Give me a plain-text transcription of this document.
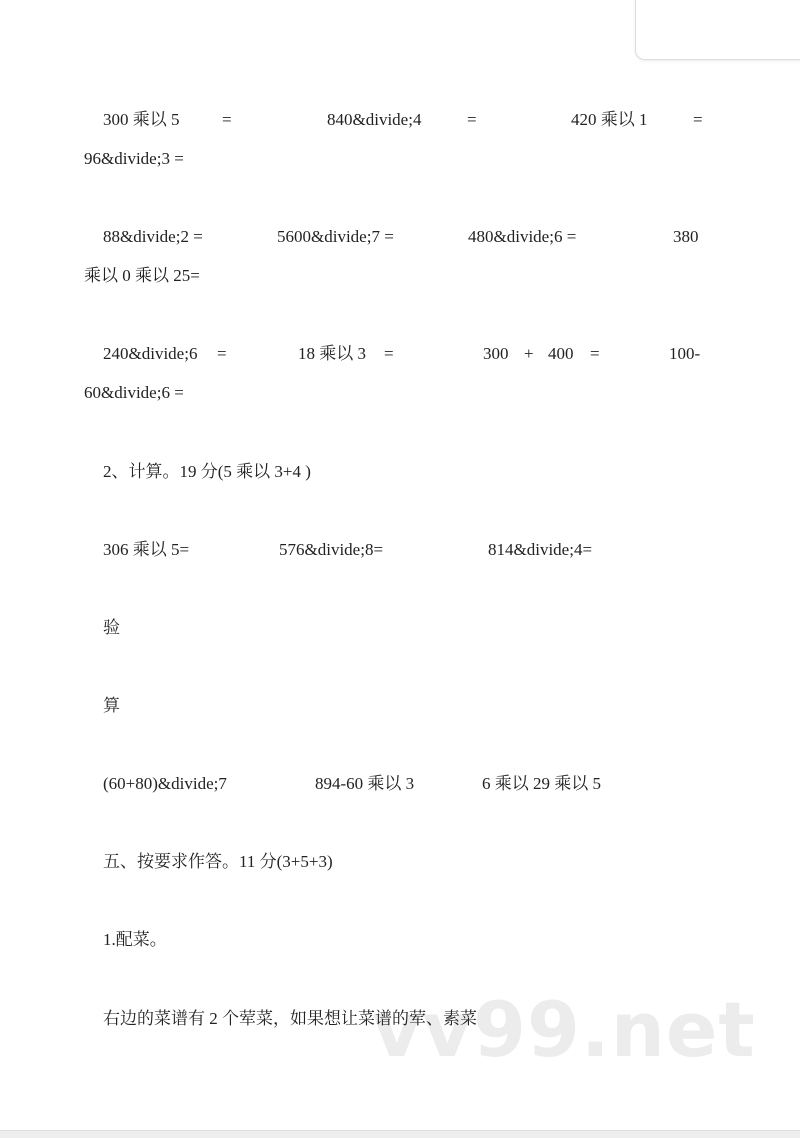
300 乘以 5	=	840&divide;4	=	420 乘以 1	=
96&divide;3 =
88&divide;2 =	5600&divide;7 =	480&divide;6 =	380
乘以 0 乘以 25=
240&divide;6 =	18 乘以 3 =	300 + 400 =	100-
60&divide;6 =
2、计算。19 分(5 乘以 3+4 )
306 乘以 5=	576&divide;8=	814&divide;4=
验
算
(60+80)&divide;7	894-60 乘以 3	6 乘以 29 乘以 5
五、按要求作答。11 分(3+5+3)
1.配菜。
vv99.net
右边的菜谱有 2 个荤菜，如果想让菜谱的荤、素菜
